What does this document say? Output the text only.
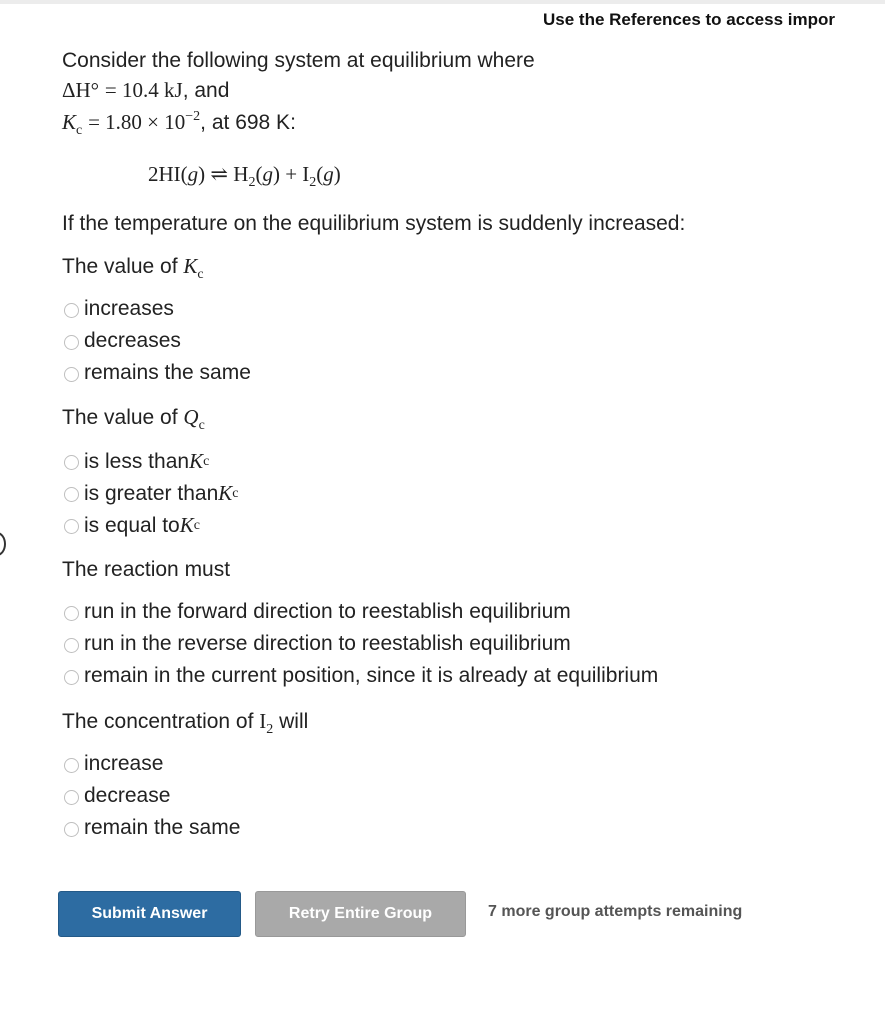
Use the References to access impor
Consider the following system at equilibrium where
ΔH° = 10.4 kJ, and
$K_c = 1.80 \times 10^{-2}$, at 698 K:
2HI(g) ⇌ $H_2(g) + I_2(g)$
If the temperature on the equilibrium system is suddenly increased:
The value of $K_c$
increases
decreases
remains the same
The value of $Q_c$
is less than K c
is greater than K c
is equal to K c
The reaction must
run in the forward direction to reestablish equilibrium
run in the reverse direction to reestablish equilibrium
remain in the current position, since it is already at equilibrium
The concentration of $I_2$ will
increase
decrease
remain the same
Submit Answer	Retry Entire Group	7 more group attempts remaining
